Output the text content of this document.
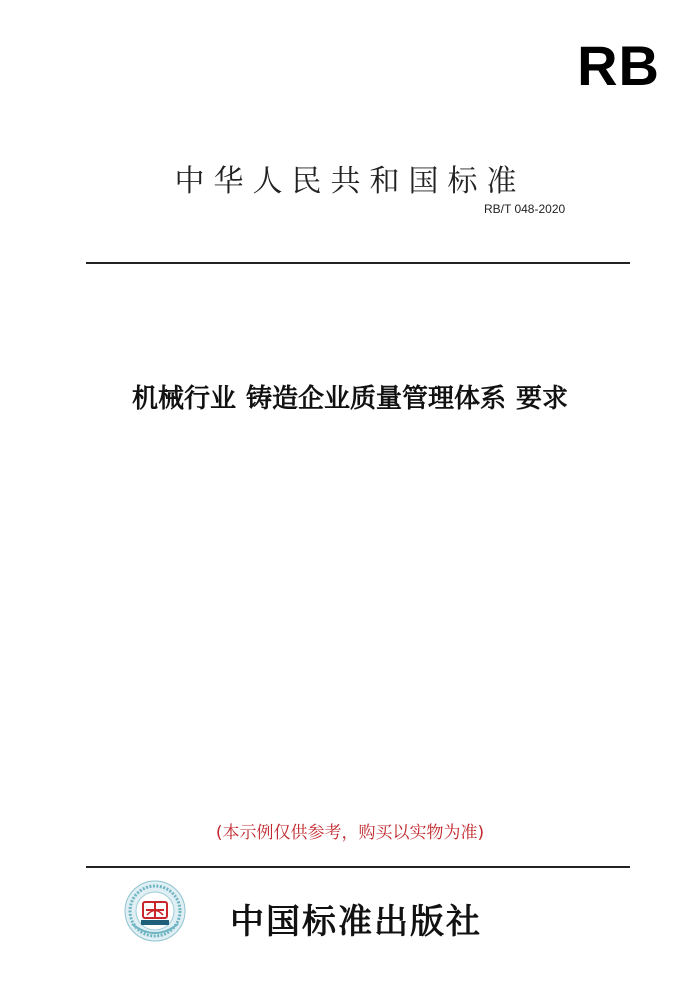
RB
中华人民共和国标准
RB/T 048-2020
机械行业 铸造企业质量管理体系 要求
(本示例仅供参考，购买以实物为准)
中国标准出版社
